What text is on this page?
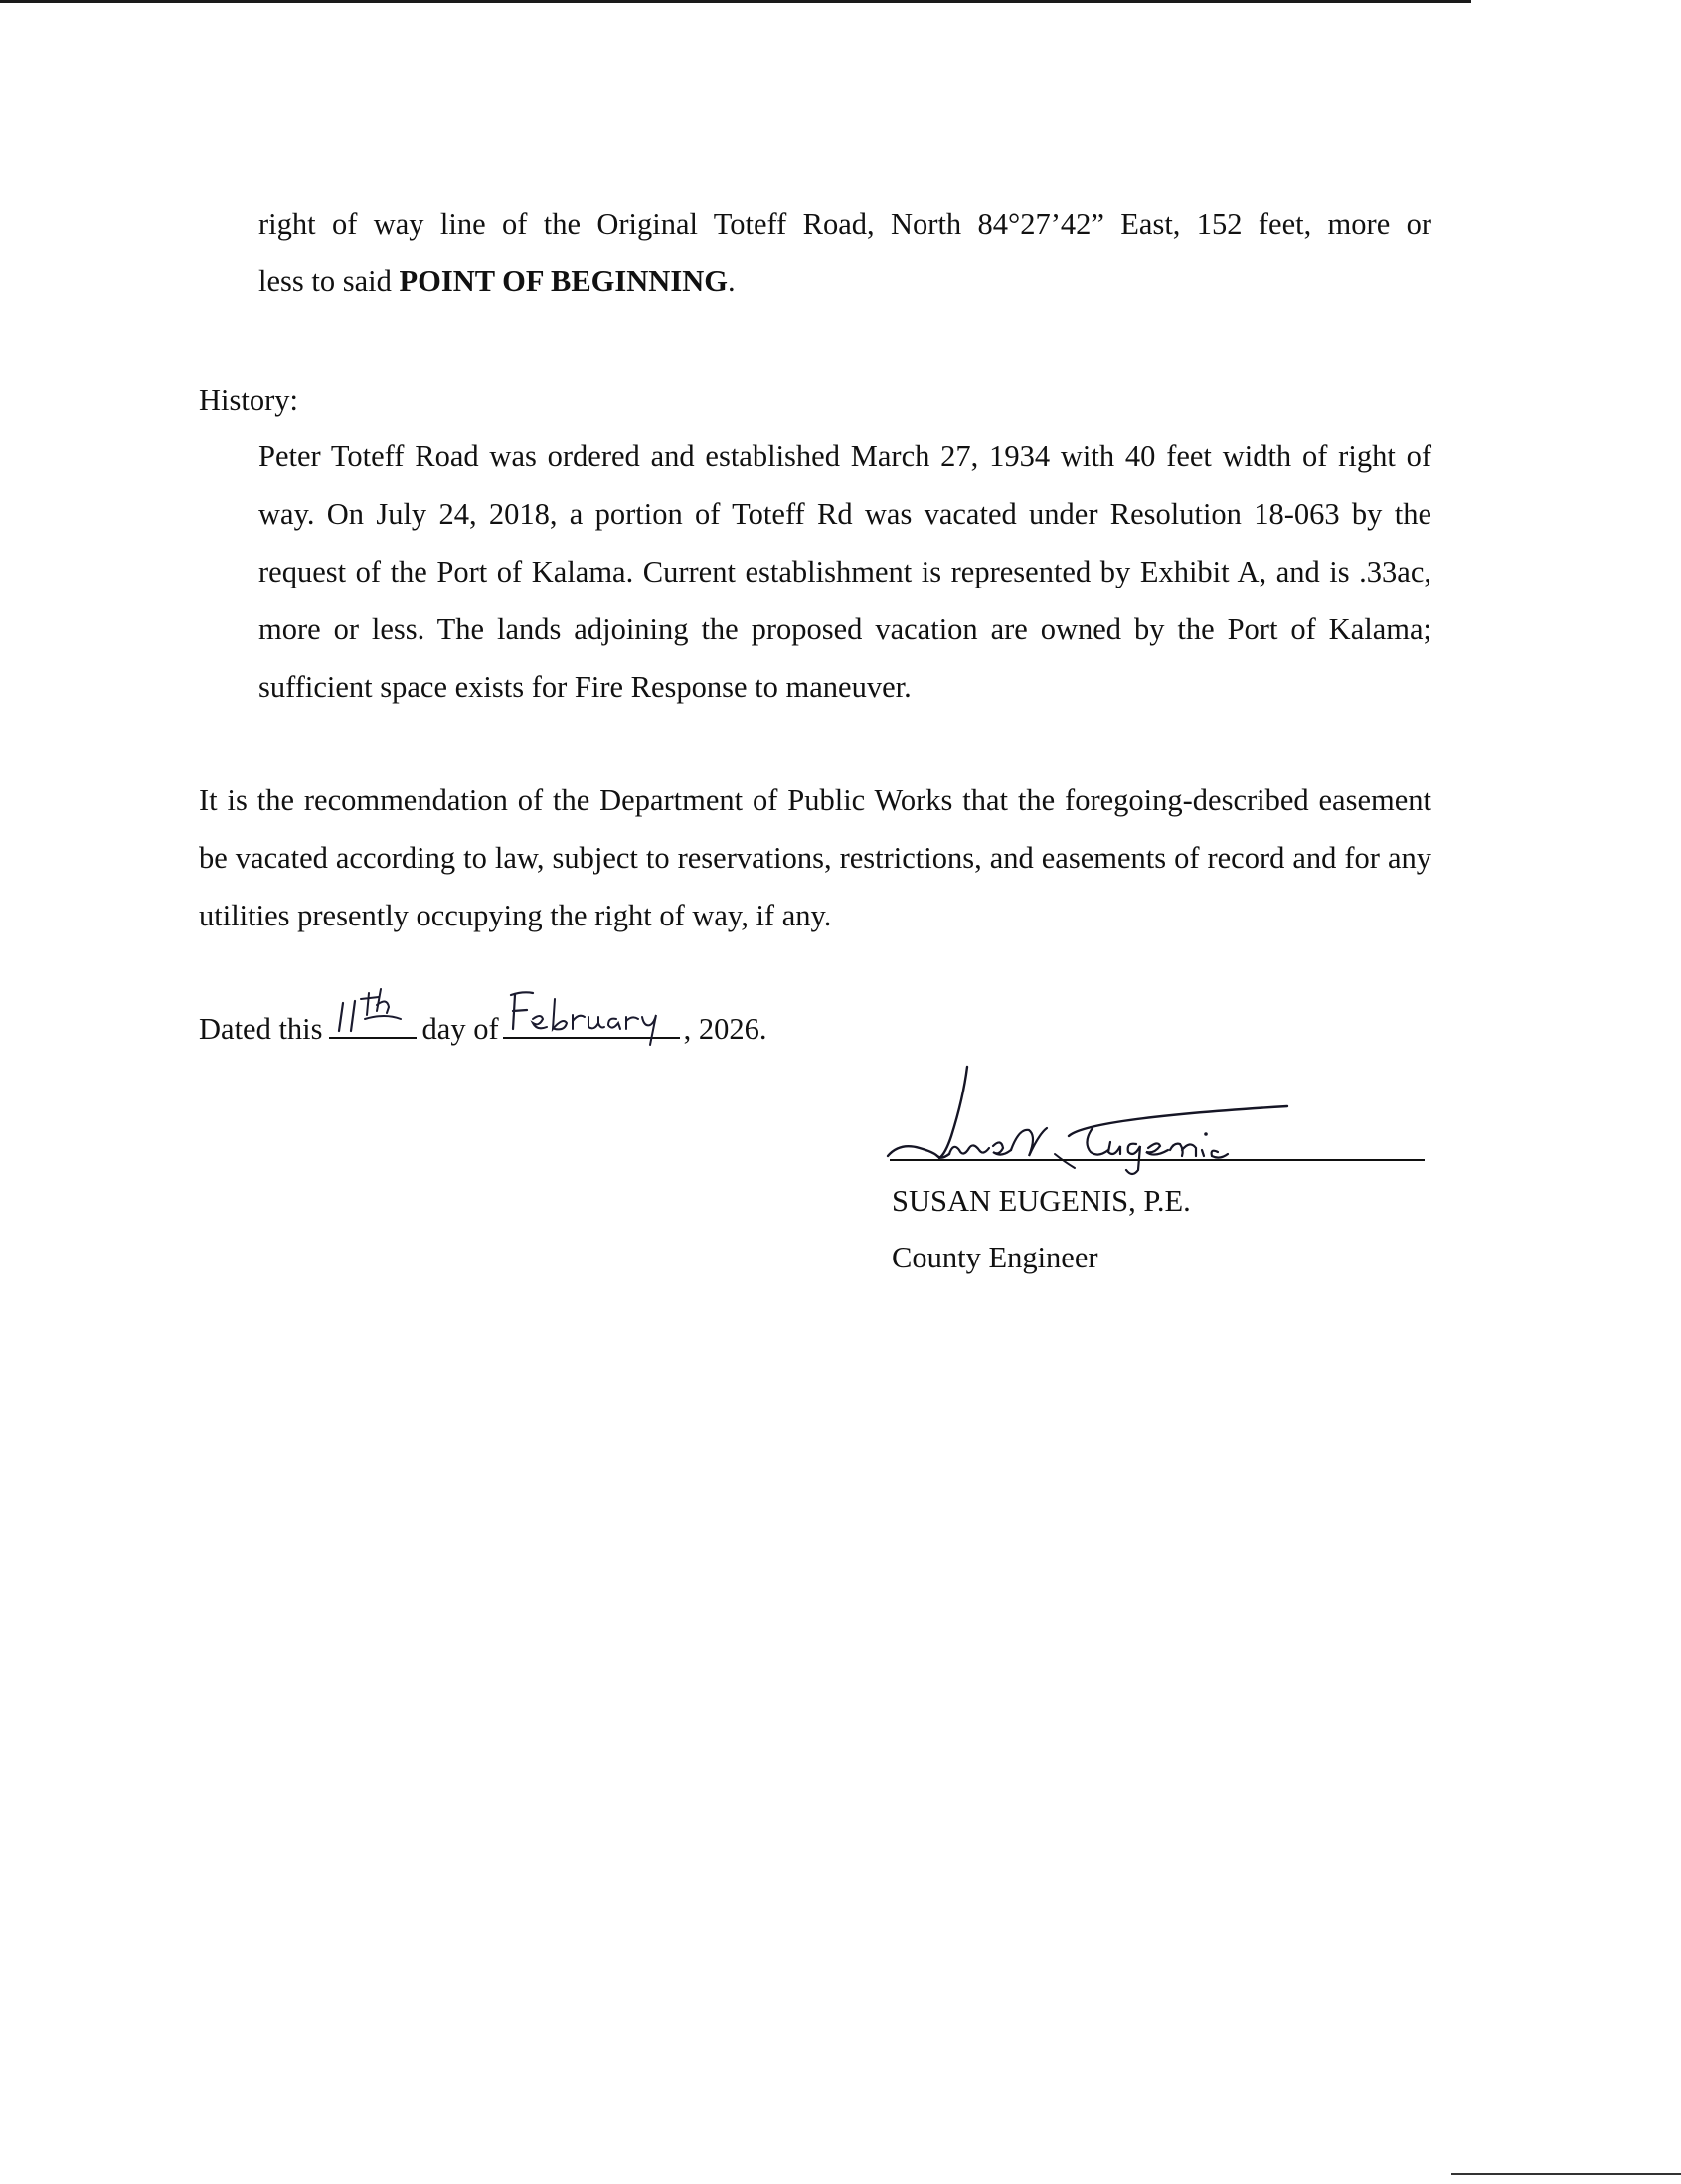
right of way line of the Original Toteff Road, North 84°27’42” East, 152 feet, more or
less to said POINT OF BEGINNING.
History:
Peter Toteff Road was ordered and established March 27, 1934 with 40 feet width of right of way. On July 24, 2018, a portion of Toteff Rd was vacated under Resolution 18-063 by the request of the Port of Kalama. Current establishment is represented by Exhibit A, and is .33ac, more or less. The lands adjoining the proposed vacation are owned by the Port of Kalama; sufficient space exists for Fire Response to maneuver.
It is the recommendation of the Department of Public Works that the foregoing-described easement be vacated according to law, subject to reservations, restrictions, and easements of record and for any utilities presently occupying the right of way, if any.
Dated this	day of	, 2026.
SUSAN EUGENIS, P.E.
County Engineer
